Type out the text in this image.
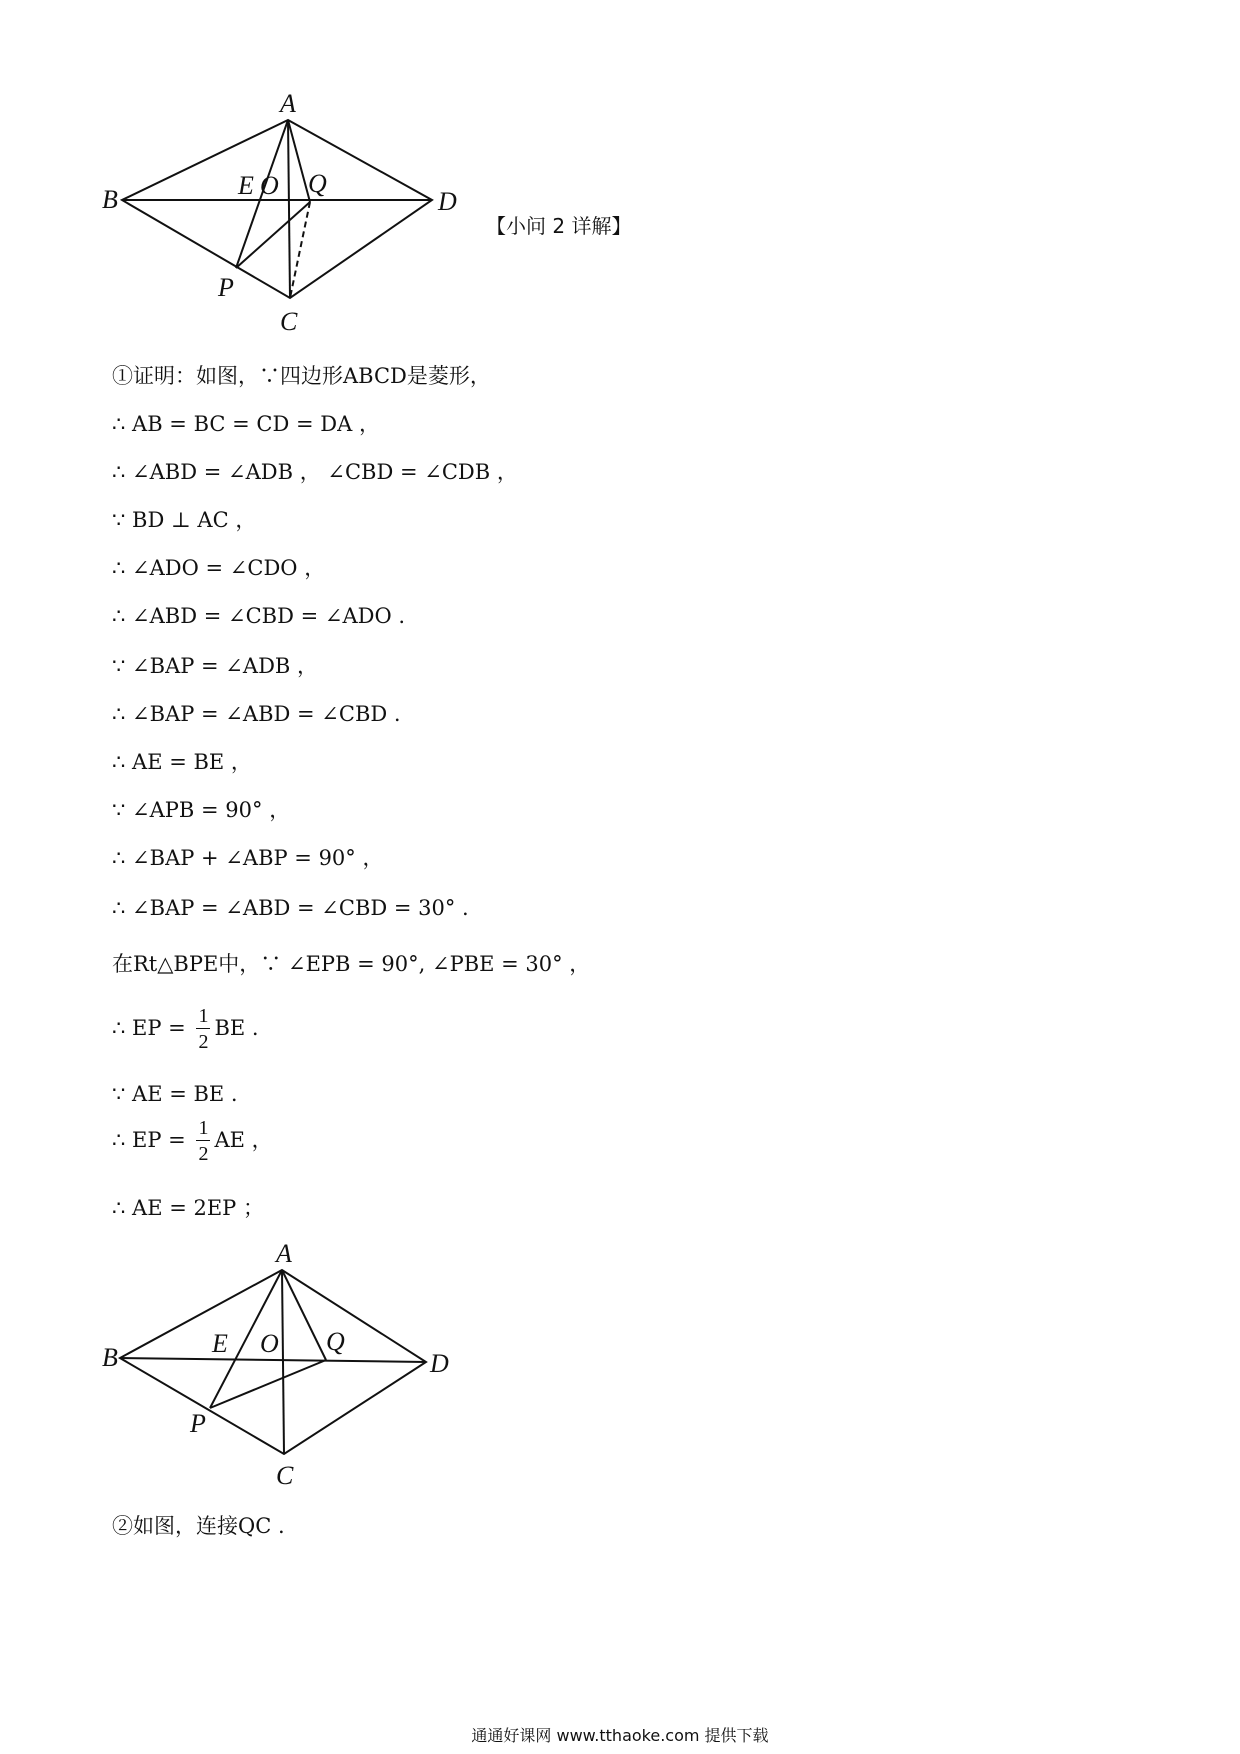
A
B
C
D
E O Q
P
【小问 2 详解】
①证明：如图，∵四边形ABCD是菱形，
∴ AB = BC = CD = DA ，
∴ ∠ABD = ∠ADB ， ∠CBD = ∠CDB ，
∵ BD ⊥ AC ，
∴ ∠ADO = ∠CDO ，
∴ ∠ABD = ∠CBD = ∠ADO .
∵ ∠BAP = ∠ADB ，
∴ ∠BAP = ∠ABD = ∠CBD .
∴ AE = BE ，
∵ ∠APB = 90° ，
∴ ∠BAP + ∠ABP = 90° ，
∴ ∠BAP = ∠ABD = ∠CBD = 30° .
在Rt△BPE中，∵ ∠EPB = 90°, ∠PBE = 30° ，
∴ EP = $\frac{1}{2}$ BE .
∵ AE = BE .
∴ EP = $\frac{1}{2}$ AE ，
∴ AE = 2EP ；
A
B
C
D
E O Q
P
②如图，连接QC .
通通好课网 www.tthaoke.com 提供下载
